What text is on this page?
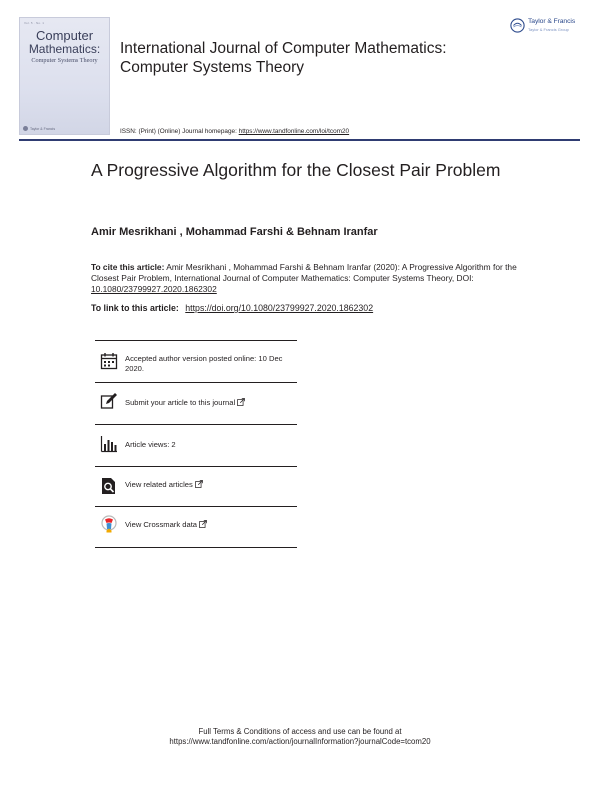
Vol. 5 · No. 1
Computer
Mathematics:
Computer Systems Theory
Taylor & Francis
International Journal of Computer Mathematics: Computer Systems Theory
ISSN: (Print) (Online) Journal homepage: https://www.tandfonline.com/loi/tcom20
Taylor & Francis
Taylor & Francis Group
A Progressive Algorithm for the Closest Pair Problem
Amir Mesrikhani , Mohammad Farshi & Behnam Iranfar
To cite this article: Amir Mesrikhani , Mohammad Farshi & Behnam Iranfar (2020): A Progressive Algorithm for the Closest Pair Problem, International Journal of Computer Mathematics: Computer Systems Theory, DOI: 10.1080/23799927.2020.1862302
To link to this article: https://doi.org/10.1080/23799927.2020.1862302
Accepted author version posted online: 10 Dec 2020.
Submit your article to this journal
Article views: 2
View related articles
View Crossmark data
Full Terms & Conditions of access and use can be found at
https://www.tandfonline.com/action/journalInformation?journalCode=tcom20
